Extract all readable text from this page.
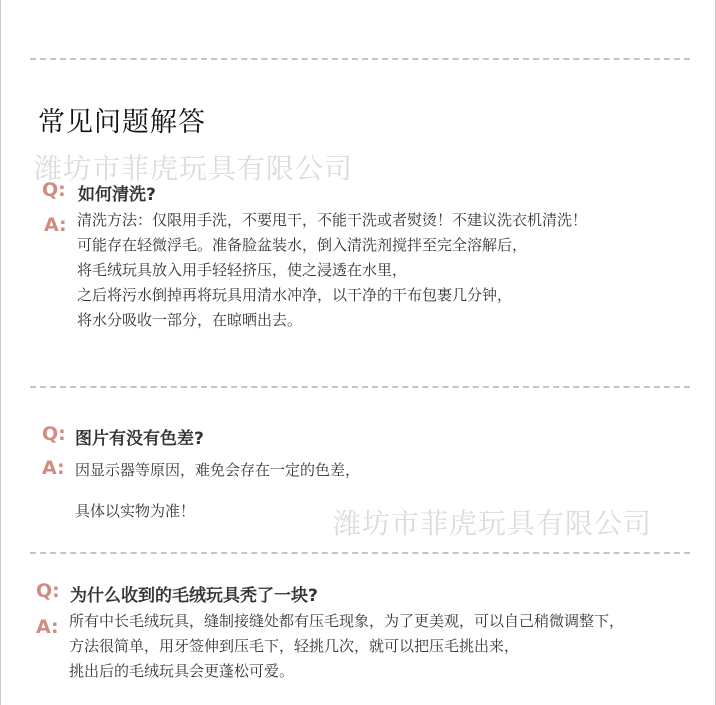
常见问题解答
潍坊市菲虎玩具有限公司
Q: 如何清洗?
A: 清洗方法：仅限用手洗，不要甩干，不能干洗或者熨烫！不建议洗衣机清洗！
可能存在轻微浮毛。准备脸盆装水，倒入清洗剂搅拌至完全溶解后，
将毛绒玩具放入用手轻轻挤压，使之浸透在水里，
之后将污水倒掉再将玩具用清水冲净，以干净的干布包裹几分钟，
将水分吸收一部分，在晾晒出去。
Q: 图片有没有色差?
A: 因显示器等原因，难免会存在一定的色差，
具体以实物为准！	潍坊市菲虎玩具有限公司
Q: 为什么收到的毛绒玩具秃了一块?
A: 所有中长毛绒玩具，缝制接缝处都有压毛现象，为了更美观，可以自己稍微调整下，
方法很简单，用牙签伸到压毛下，轻挑几次，就可以把压毛挑出来，
挑出后的毛绒玩具会更蓬松可爱。
